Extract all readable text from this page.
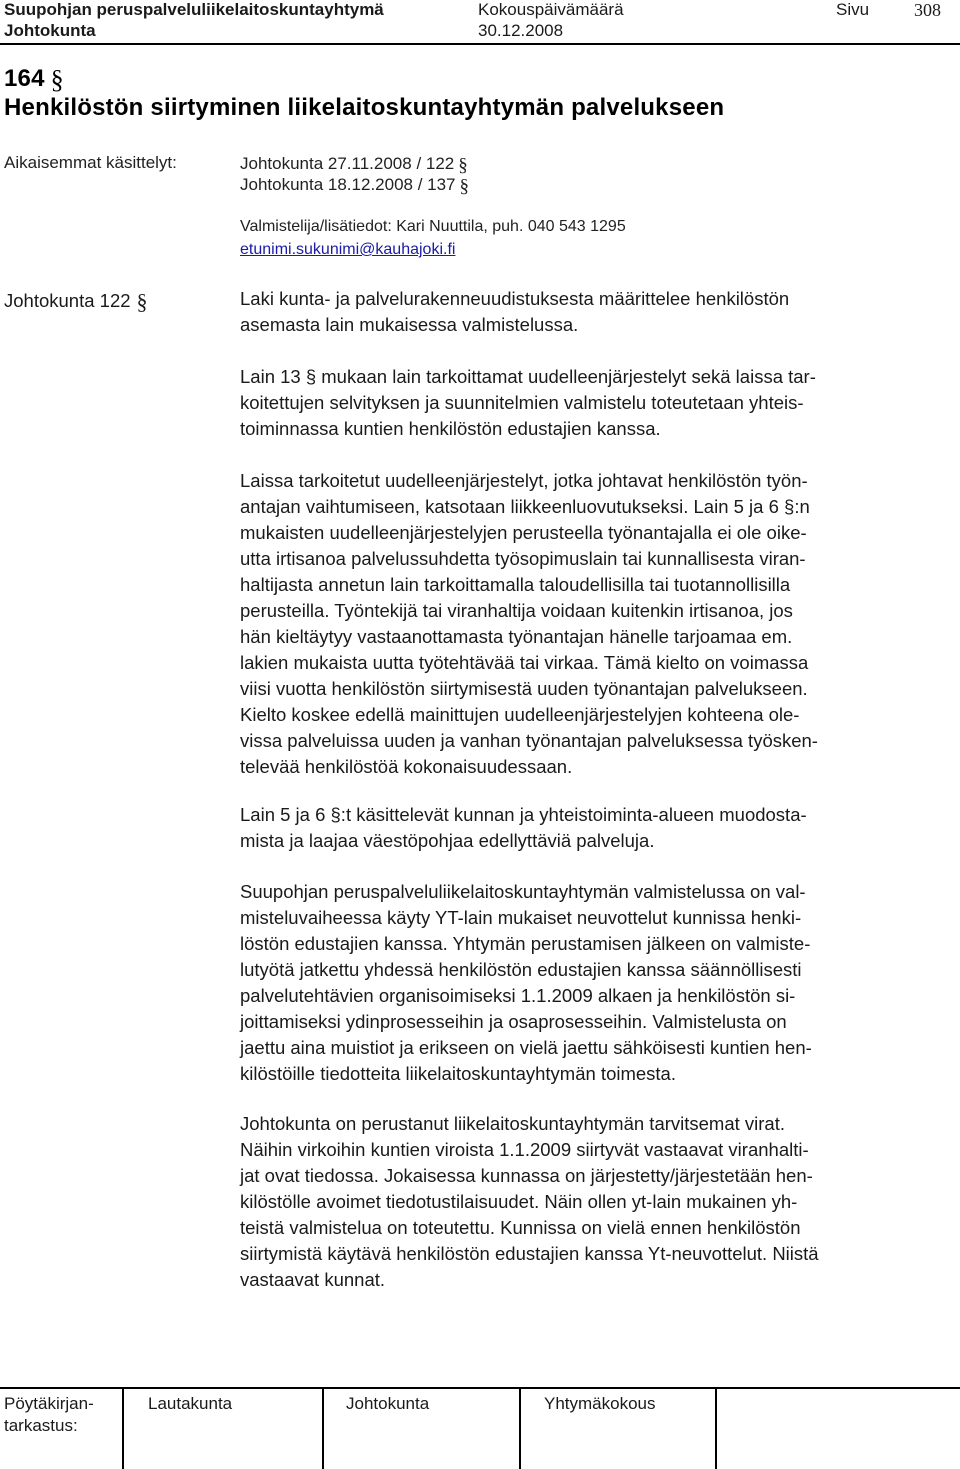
Suupohjan peruspalveluliikelaitoskuntayhtymä
Johtokunta
Kokouspäivämäärä
30.12.2008
Sivu 308
164 §
Henkilöstön siirtyminen liikelaitoskuntayhtymän palvelukseen
Aikaisemmat käsittelyt:	Johtokunta 27.11.2008 / 122 §
Johtokunta 18.12.2008 / 137 §
Valmistelija/lisätiedot: Kari Nuuttila, puh. 040 543 1295
etunimi.sukunimi@kauhajoki.fi
Johtokunta 122 §	Laki kunta- ja palvelurakenneuudistuksesta määrittelee henkilöstön

asemasta lain mukaisessa valmistelussa.

Lain 13 § mukaan lain tarkoittamat uudelleenjärjestelyt sekä laissa tar-

koitettujen selvityksen ja suunnitelmien valmistelu toteutetaan yhteis-

toiminnassa kuntien henkilöstön edustajien kanssa.

Laissa tarkoitetut uudelleenjärjestelyt, jotka johtavat henkilöstön työn-

antajan vaihtumiseen, katsotaan liikkeenluovutukseksi. Lain 5 ja 6 §:n

mukaisten uudelleenjärjestelyjen perusteella työnantajalla ei ole oike-

utta irtisanoa palvelussuhdetta työsopimuslain tai kunnallisesta viran-

haltijasta annetun lain tarkoittamalla taloudellisilla tai tuotannollisilla

perusteilla. Työntekijä tai viranhaltija voidaan kuitenkin irtisanoa, jos

hän kieltäytyy vastaanottamasta työnantajan hänelle tarjoamaa em.

lakien mukaista uutta työtehtävää tai virkaa. Tämä kielto on voimassa

viisi vuotta henkilöstön siirtymisestä uuden työnantajan palvelukseen.

Kielto koskee edellä mainittujen uudelleenjärjestelyjen kohteena ole-

vissa palveluissa uuden ja vanhan työnantajan palveluksessa työsken-

televää henkilöstöä kokonaisuudessaan.

Lain 5 ja 6 §:t käsittelevät kunnan ja yhteistoiminta-alueen muodosta-

mista ja laajaa väestöpohjaa edellyttäviä palveluja.

Suupohjan peruspalveluliikelaitoskuntayhtymän valmistelussa on val-

misteluvaiheessa käyty YT-lain mukaiset neuvottelut kunnissa henki-

löstön edustajien kanssa. Yhtymän perustamisen jälkeen on valmiste-

lutyötä jatkettu yhdessä henkilöstön edustajien kanssa säännöllisesti

palvelutehtävien organisoimiseksi 1.1.2009 alkaen ja henkilöstön si-

joittamiseksi ydinprosesseihin ja osaprosesseihin. Valmistelusta on

jaettu aina muistiot ja erikseen on vielä jaettu sähköisesti kuntien hen-

kilöstöille tiedotteita liikelaitoskuntayhtymän toimesta.

Johtokunta on perustanut liikelaitoskuntayhtymän tarvitsemat virat.

Näihin virkoihin kuntien viroista 1.1.2009 siirtyvät vastaavat viranhalti-

jat ovat tiedossa. Jokaisessa kunnassa on järjestetty/järjestetään hen-

kilöstölle avoimet tiedotustilaisuudet. Näin ollen yt-lain mukainen yh-

teistä valmistelua on toteutettu. Kunnissa on vielä ennen henkilöstön

siirtymistä käytävä henkilöstön edustajien kanssa Yt-neuvottelut. Niistä

vastaavat kunnat.

Pöytäkirjan-
tarkastus:
Lautakunta	Johtokunta	Yhtymäkokous
